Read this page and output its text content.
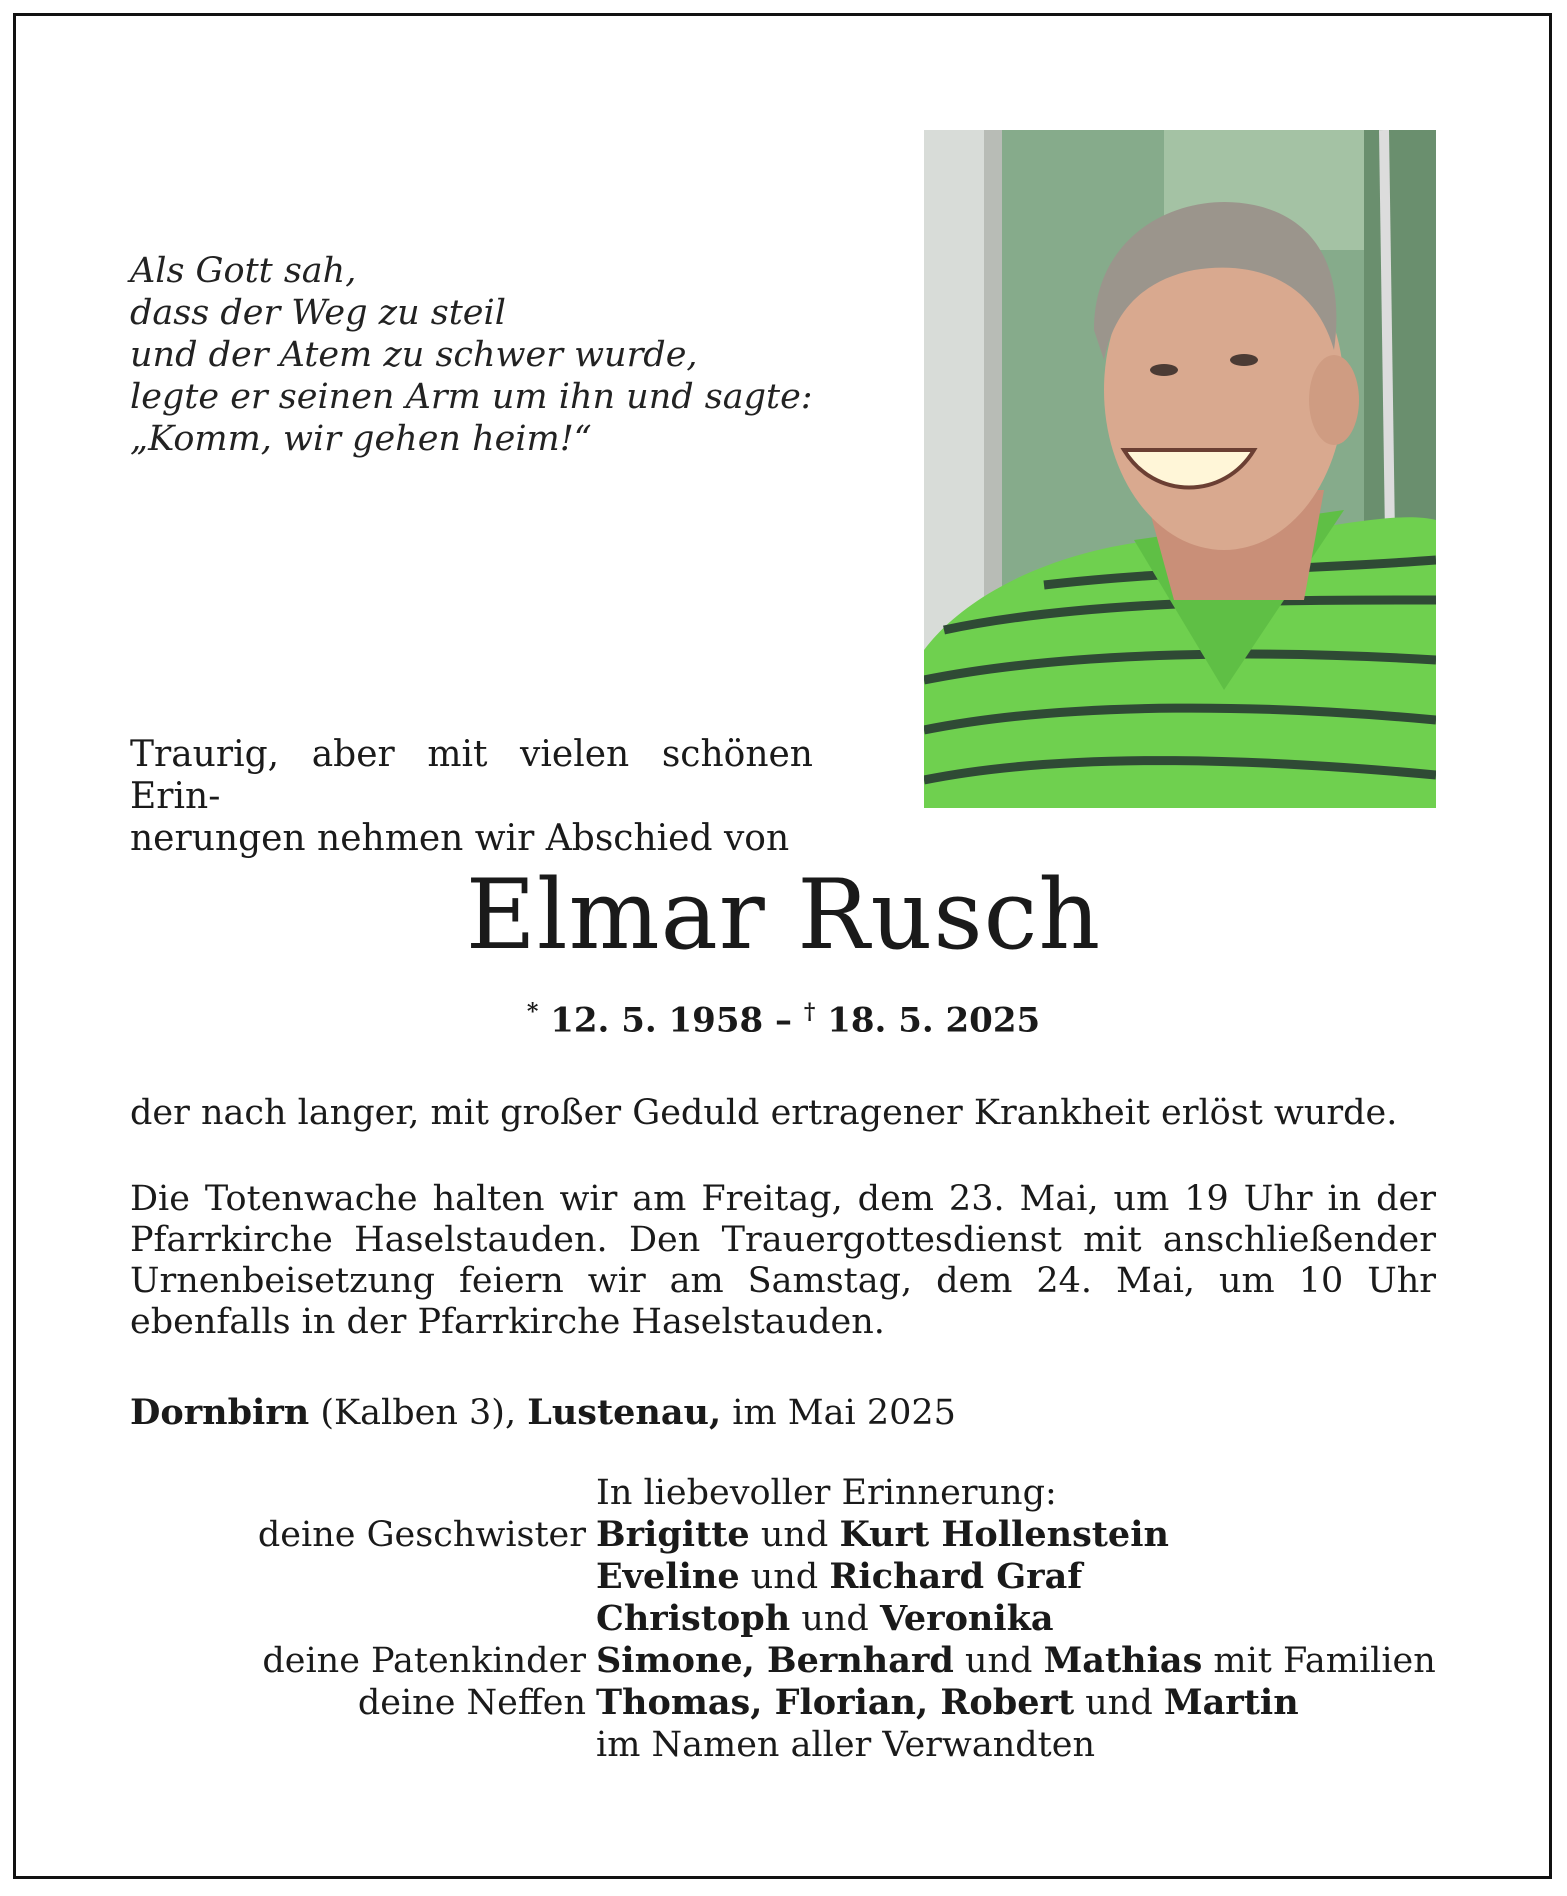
Als Gott sah,
dass der Weg zu steil
und der Atem zu schwer wurde,
legte er seinen Arm um ihn und sagte:
„Komm, wir gehen heim!“
Traurig, aber mit vielen schönen Erin-
nerungen nehmen wir Abschied von
Elmar Rusch
* 12. 5. 1958 – † 18. 5. 2025
der nach langer, mit großer Geduld ertragener Krankheit erlöst wurde.
Die Totenwache halten wir am Freitag, dem 23. Mai, um 19 Uhr in der Pfarrkirche Haselstauden. Den Trauergottesdienst mit anschließender Urnenbeisetzung feiern wir am Samstag, dem 24. Mai, um 10 Uhr ebenfalls in der Pfarrkirche Haselstauden.
Dornbirn (Kalben 3), Lustenau, im Mai 2025
In liebevoller Erinnerung:
deine Geschwister Brigitte und Kurt Hollenstein
Eveline und Richard Graf
Christoph und Veronika
deine Patenkinder Simone, Bernhard und Mathias mit Familien
deine Neffen Thomas, Florian, Robert und Martin
im Namen aller Verwandten
